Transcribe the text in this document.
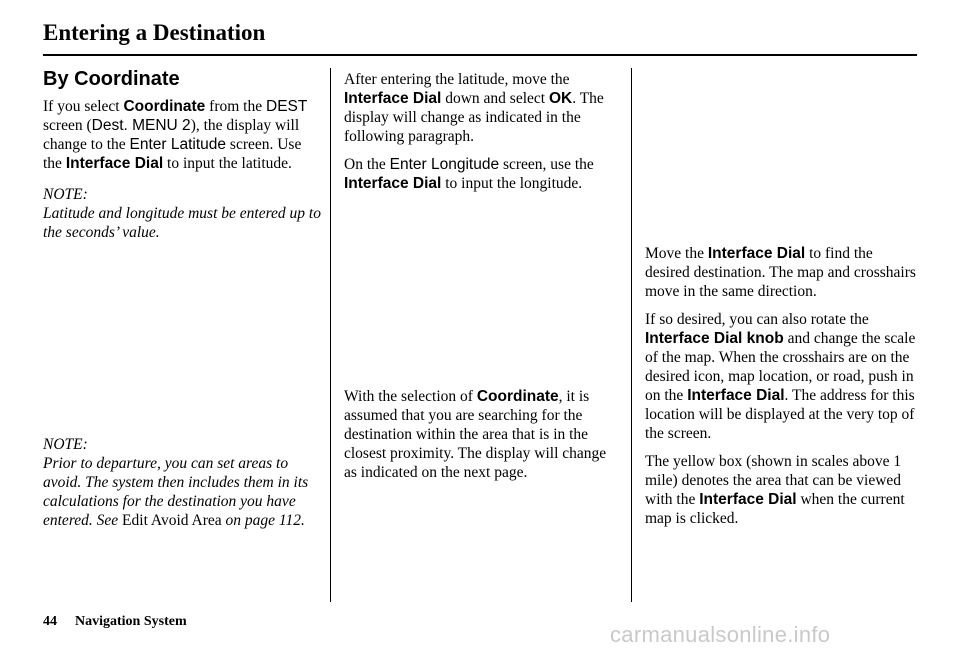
Entering a Destination
By Coordinate

If you select Coordinate from the DEST screen (Dest. MENU 2), the display will change to the Enter Latitude screen. Use the Interface Dial to input the latitude.

NOTE:
Latitude and longitude must be entered up to the seconds’ value.

NOTE:
Prior to departure, you can set areas to avoid. The system then includes them in its calculations for the destination you have entered. See Edit Avoid Area on page 112.

After entering the latitude, move the Interface Dial down and select OK. The display will change as indicated in the following paragraph.

On the Enter Longitude screen, use the Interface Dial to input the longitude.

With the selection of Coordinate, it is assumed that you are searching for the destination within the area that is in the closest proximity. The display will change as indicated on the next page.

Move the Interface Dial to find the desired destination. The map and crosshairs move in the same direction.

If so desired, you can also rotate the Interface Dial knob and change the scale of the map. When the crosshairs are on the desired icon, map location, or road, push in on the Interface Dial. The address for this location will be displayed at the very top of the screen.

The yellow box (shown in scales above 1 mile) denotes the area that can be viewed with the Interface Dial when the current map is clicked.

44 Navigation System
carmanualsonline.info
